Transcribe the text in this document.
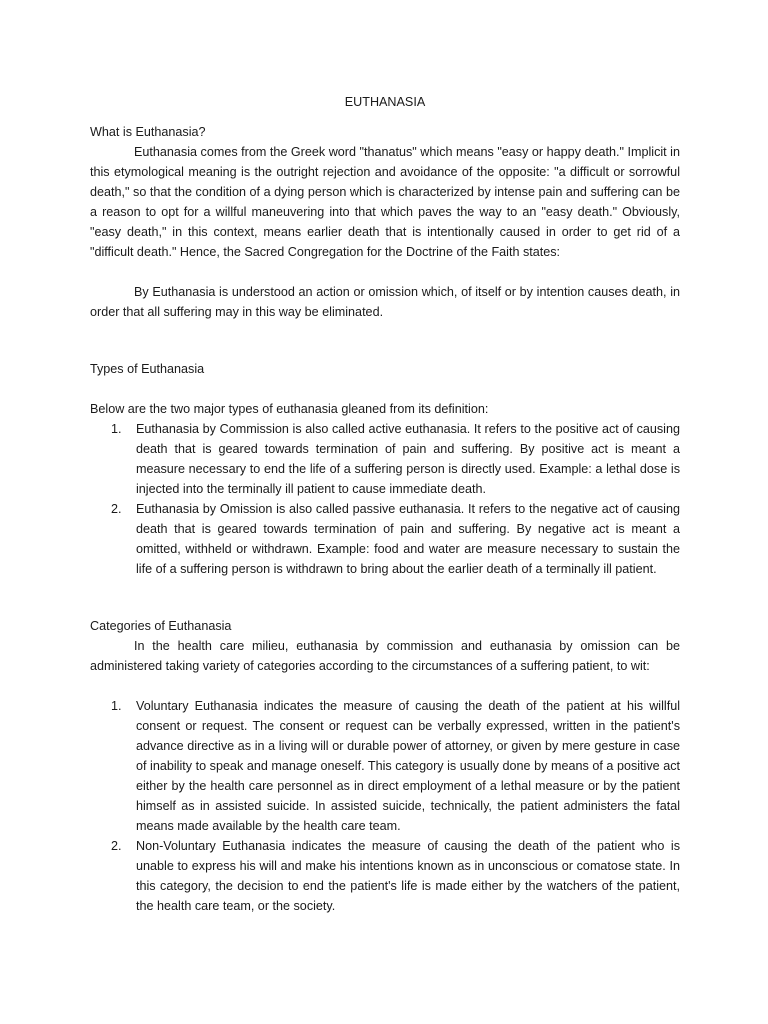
EUTHANASIA
What is Euthanasia?

Euthanasia comes from the Greek word "thanatus" which means "easy or happy death." Implicit in this etymological meaning is the outright rejection and avoidance of the opposite: "a difficult or sorrowful death," so that the condition of a dying person which is characterized by intense pain and suffering can be a reason to opt for a willful maneuvering into that which paves the way to an "easy death." Obviously, "easy death," in this context, means earlier death that is intentionally caused in order to get rid of a "difficult death." Hence, the Sacred Congregation for the Doctrine of the Faith states:

By Euthanasia is understood an action or omission which, of itself or by intention causes death, in order that all suffering may in this way be eliminated.

Types of Euthanasia

Below are the two major types of euthanasia gleaned from its definition:

1. Euthanasia by Commission is also called active euthanasia. It refers to the positive act of causing death that is geared towards termination of pain and suffering. By positive act is meant a measure necessary to end the life of a suffering person is directly used. Example: a lethal dose is injected into the terminally ill patient to cause immediate death.
2. Euthanasia by Omission is also called passive euthanasia. It refers to the negative act of causing death that is geared towards termination of pain and suffering. By negative act is meant a omitted, withheld or withdrawn. Example: food and water are measure necessary to sustain the life of a suffering person is withdrawn to bring about the earlier death of a terminally ill patient.
Categories of Euthanasia

In the health care milieu, euthanasia by commission and euthanasia by omission can be administered taking variety of categories according to the circumstances of a suffering patient, to wit:

1. Voluntary Euthanasia indicates the measure of causing the death of the patient at his willful consent or request. The consent or request can be verbally expressed, written in the patient's advance directive as in a living will or durable power of attorney, or given by mere gesture in case of inability to speak and manage oneself. This category is usually done by means of a positive act either by the health care personnel as in direct employment of a lethal measure or by the patient himself as in assisted suicide. In assisted suicide, technically, the patient administers the fatal means made available by the health care team.
2. Non-Voluntary Euthanasia indicates the measure of causing the death of the patient who is unable to express his will and make his intentions known as in unconscious or comatose state. In this category, the decision to end the patient's life is made either by the watchers of the patient, the health care team, or the society.
